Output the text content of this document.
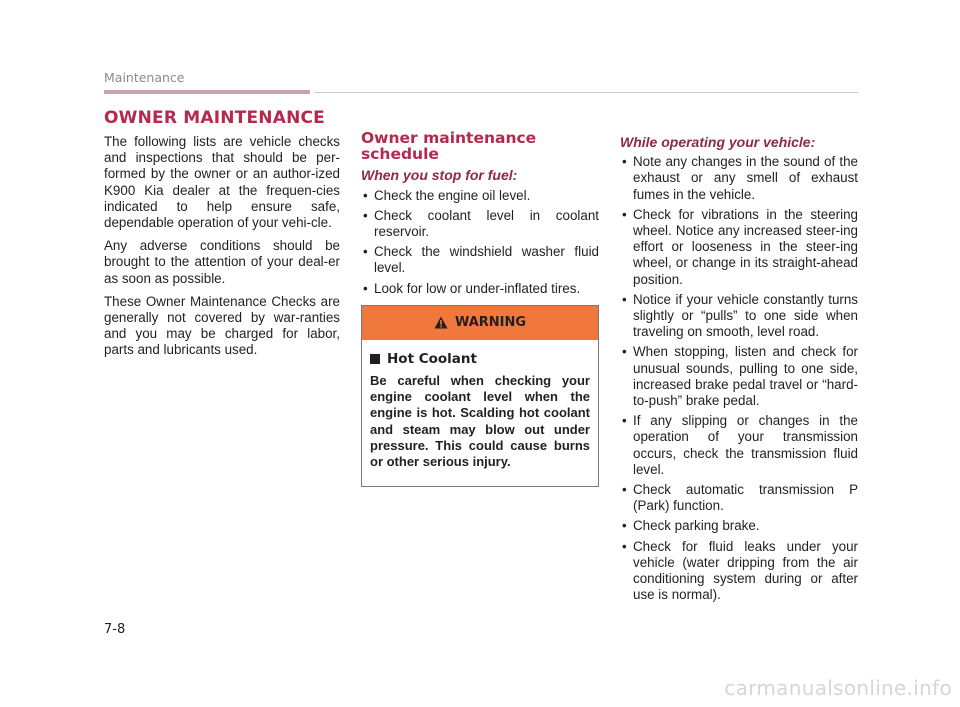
Maintenance
OWNER MAINTENANCE

The following lists are vehicle checks and inspections that should be per-formed by the owner or an author-ized K900 Kia dealer at the frequen-cies indicated to help ensure safe, dependable operation of your vehi-cle.

Any adverse conditions should be brought to the attention of your deal-er as soon as possible.

These Owner Maintenance Checks are generally not covered by war-ranties and you may be charged for labor, parts and lubricants used.

Owner maintenance schedule
When you stop for fuel:
• Check the engine oil level.
• Check coolant level in coolant reservoir.
• Check the windshield washer fluid level.
• Look for low or under-inflated tires.
WARNING
Hot Coolant

Be careful when checking your engine coolant level when the engine is hot. Scalding hot coolant and steam may blow out under pressure. This could cause burns or other serious injury.

While operating your vehicle:
• Note any changes in the sound of the exhaust or any smell of exhaust fumes in the vehicle.
• Check for vibrations in the steering wheel. Notice any increased steer-ing effort or looseness in the steer-ing wheel, or change in its straight-ahead position.
• Notice if your vehicle constantly turns slightly or “pulls” to one side when traveling on smooth, level road.
• When stopping, listen and check for unusual sounds, pulling to one side, increased brake pedal travel or “hard-to-push” brake pedal.
• If any slipping or changes in the operation of your transmission occurs, check the transmission fluid level.
• Check automatic transmission P (Park) function.
• Check parking brake.
• Check for fluid leaks under your vehicle (water dripping from the air conditioning system during or after use is normal).
7-8
carmanualsonline.info
